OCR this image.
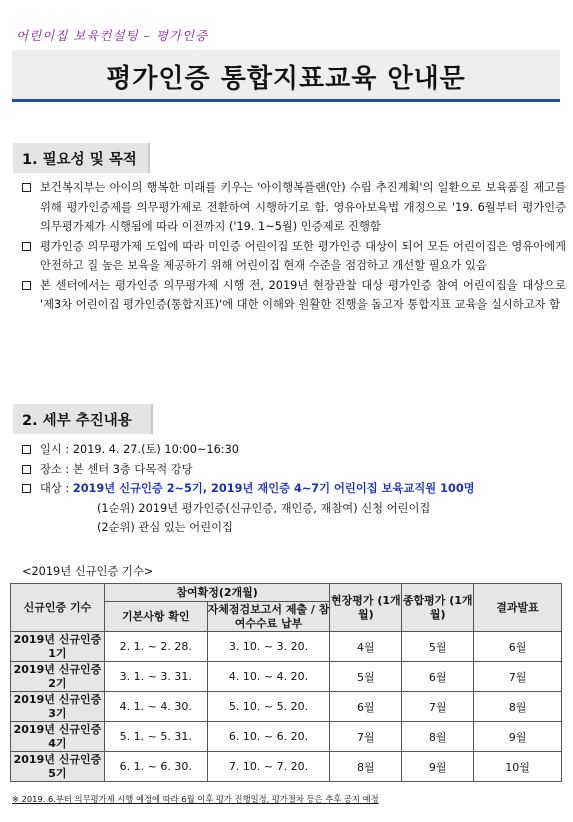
어린이집 보육컨설팅 – 평가인증
평가인증 통합지표교육 안내문
1. 필요성 및 목적
보건복지부는 아이의 행복한 미래를 키우는 '아이행복플랜(안) 수립 추진계획'의 일환으로 보육품질 제고를 위해 평가인증제를 의무평가제로 전환하여 시행하기로 함. 영유아보육법 개정으로 '19. 6월부터 평가인증 의무평가제가 시행됨에 따라 이전까지 ('19. 1~5월) 인증제로 진행함
평가인증 의무평가제 도입에 따라 미인증 어린이집 또한 평가인증 대상이 되어 모든 어린이집은 영유아에게 안전하고 질 높은 보육을 제공하기 위해 어린이집 현재 수준을 점검하고 개선할 필요가 있음
본 센터에서는 평가인증 의무평가제 시행 전, 2019년 현장관찰 대상 평가인증 참여 어린이집을 대상으로 '제3차 어린이집 평가인증(통합지표)'에 대한 이해와 원활한 진행을 돕고자 통합지표 교육을 실시하고자 함
2. 세부 추진내용
일시 : 2019. 4. 27.(토) 10:00~16:30
장소 : 본 센터 3층 다목적 강당
대상 : 2019년 신규인증 2~5기, 2019년 재인증 4~7기 어린이집 보육교직원 100명
(1순위) 2019년 평가인증(신규인증, 재인증, 재참여) 신청 어린이집
(2순위) 관심 있는 어린이집
<2019년 신규인증 기수>
신규인증 기수	참여확정(2개월)		현장평가 (1개월)	종합평가 (1개월)	결과발표
	기본사항 확인	자체점검보고서 제출 / 참여수수료 납부			
2019년 신규인증 1기	2. 1. ~ 2. 28.	3. 10. ~ 3. 20.	4월	5월	6월
2019년 신규인증 2기	3. 1. ~ 3. 31.	4. 10. ~ 4. 20.	5월	6월	7월
2019년 신규인증 3기	4. 1. ~ 4. 30.	5. 10. ~ 5. 20.	6월	7월	8월
2019년 신규인증 4기	5. 1. ~ 5. 31.	6. 10. ~ 6. 20.	7월	8월	9월
2019년 신규인증 5기	6. 1. ~ 6. 30.	7. 10. ~ 7. 20.	8월	9월	10월
※ 2019. 6.부터 의무평가제 시행 예정에 따라 6월 이후 평가 진행일정, 평가절차 등은 추후 공지 예정
